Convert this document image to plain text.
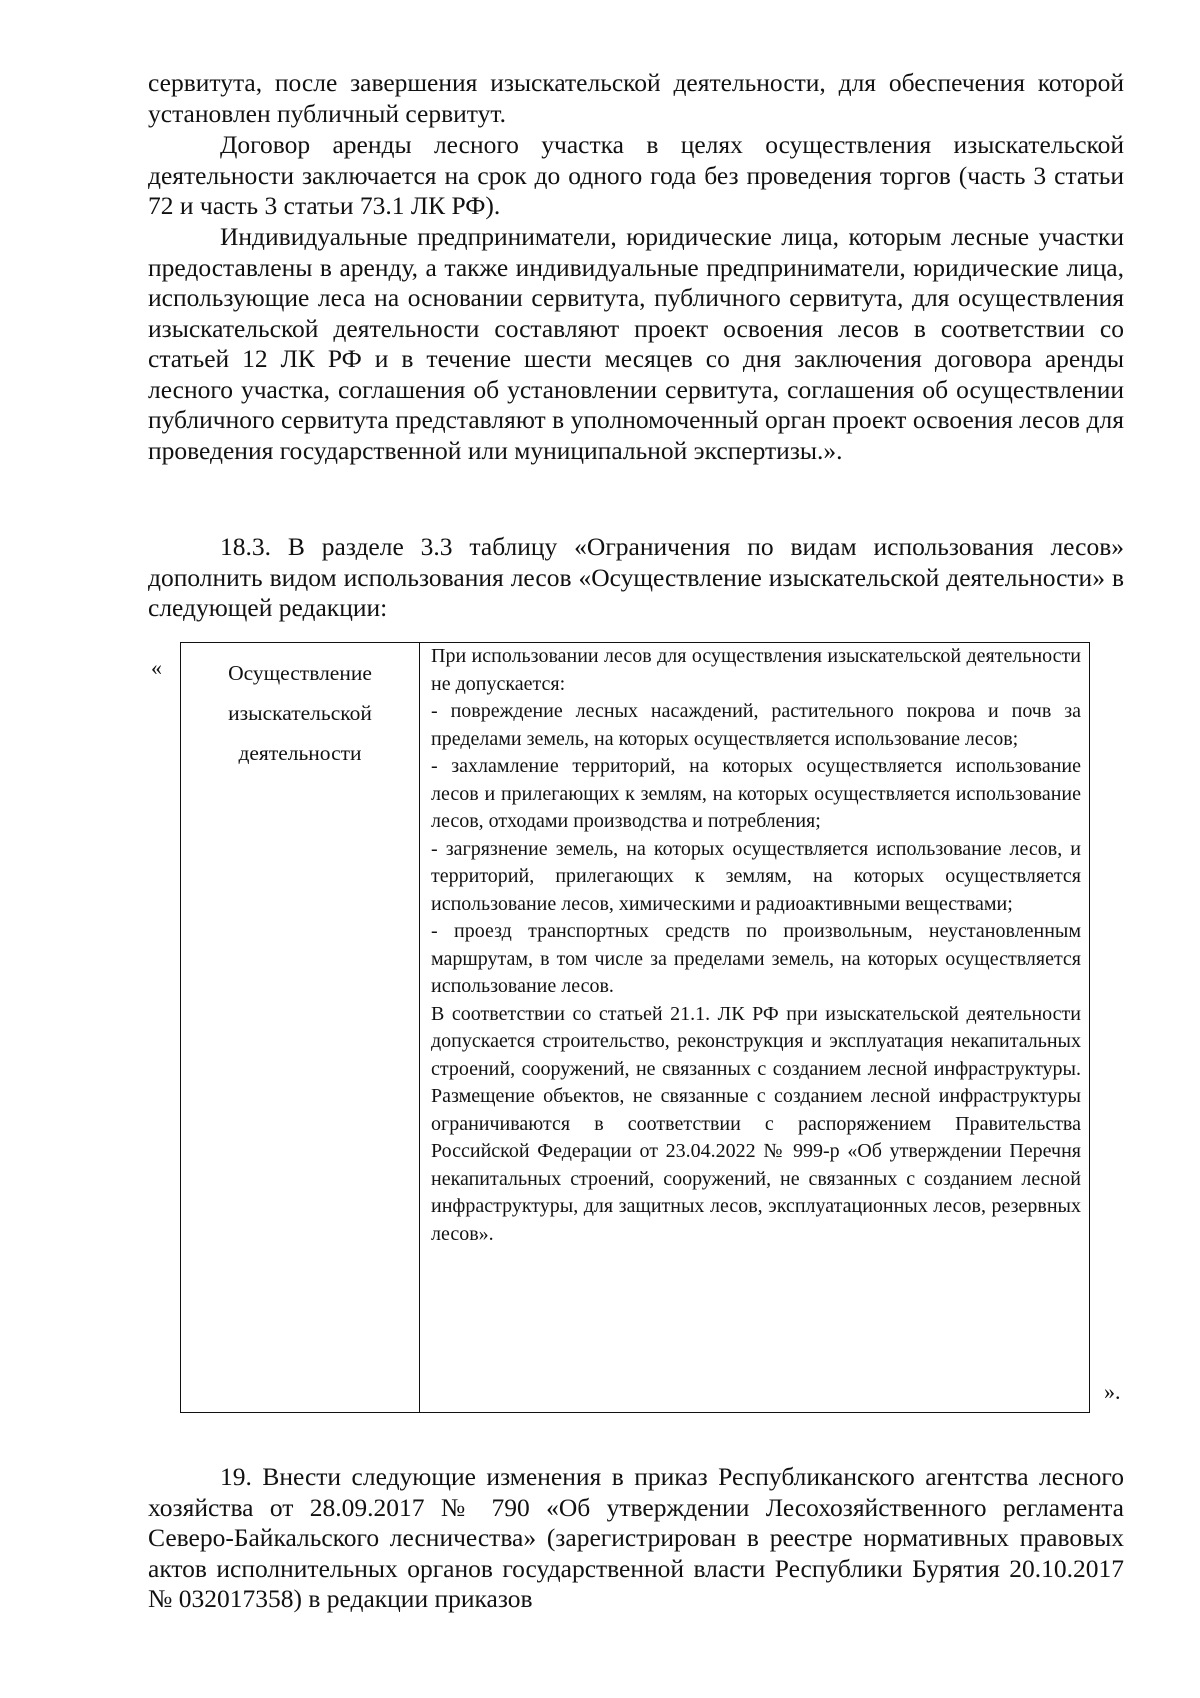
сервитута, после завершения изыскательской деятельности, для обеспечения которой установлен публичный сервитут.

Договор аренды лесного участка в целях осуществления изыскательской деятельности заключается на срок до одного года без проведения торгов (часть 3 статьи 72 и часть 3 статьи 73.1 ЛК РФ).

Индивидуальные предприниматели, юридические лица, которым лесные участки предоставлены в аренду, а также индивидуальные предприниматели, юридические лица, использующие леса на основании сервитута, публичного сервитута, для осуществления изыскательской деятельности составляют проект освоения лесов в соответствии со статьей 12 ЛК РФ и в течение шести месяцев со дня заключения договора аренды лесного участка, соглашения об установлении сервитута, соглашения об осуществлении публичного сервитута представляют в уполномоченный орган проект освоения лесов для проведения государственной или муниципальной экспертизы.».

18.3. В разделе 3.3 таблицу «Ограничения по видам использования лесов» дополнить видом использования лесов «Осуществление изыскательской деятельности» в следующей редакции:

«	Осуществление
изыскательской
деятельности

При использовании лесов для осуществления изыскательской деятельности не допускается:

- повреждение лесных насаждений, растительного покрова и почв за пределами земель, на которых осуществляется использование лесов;

- захламление территорий, на которых осуществляется использование лесов и прилегающих к землям, на которых осуществляется использование лесов, отходами производства и потребления;

- загрязнение земель, на которых осуществляется использование лесов, и территорий, прилегающих к землям, на которых осуществляется использование лесов, химическими и радиоактивными веществами;

- проезд транспортных средств по произвольным, неустановленным маршрутам, в том числе за пределами земель, на которых осуществляется использование лесов.

В соответствии со статьей 21.1. ЛК РФ при изыскательской деятельности допускается строительство, реконструкция и эксплуатация некапитальных строений, сооружений, не связанных с созданием лесной инфраструктуры. Размещение объектов, не связанные с созданием лесной инфраструктуры ограничиваются в соответствии с распоряжением Правительства Российской Федерации от 23.04.2022 № 999-р «Об утверждении Перечня некапитальных строений, сооружений, не связанных с созданием лесной инфраструктуры, для защитных лесов, эксплуатационных лесов, резервных лесов».

».

19. Внести следующие изменения в приказ Республиканского агентства лесного хозяйства от 28.09.2017 № 790 «Об утверждении Лесохозяйственного регламента Северо-Байкальского лесничества» (зарегистрирован в реестре нормативных правовых актов исполнительных органов государственной власти Республики Бурятия 20.10.2017 № 032017358) в редакции приказов
